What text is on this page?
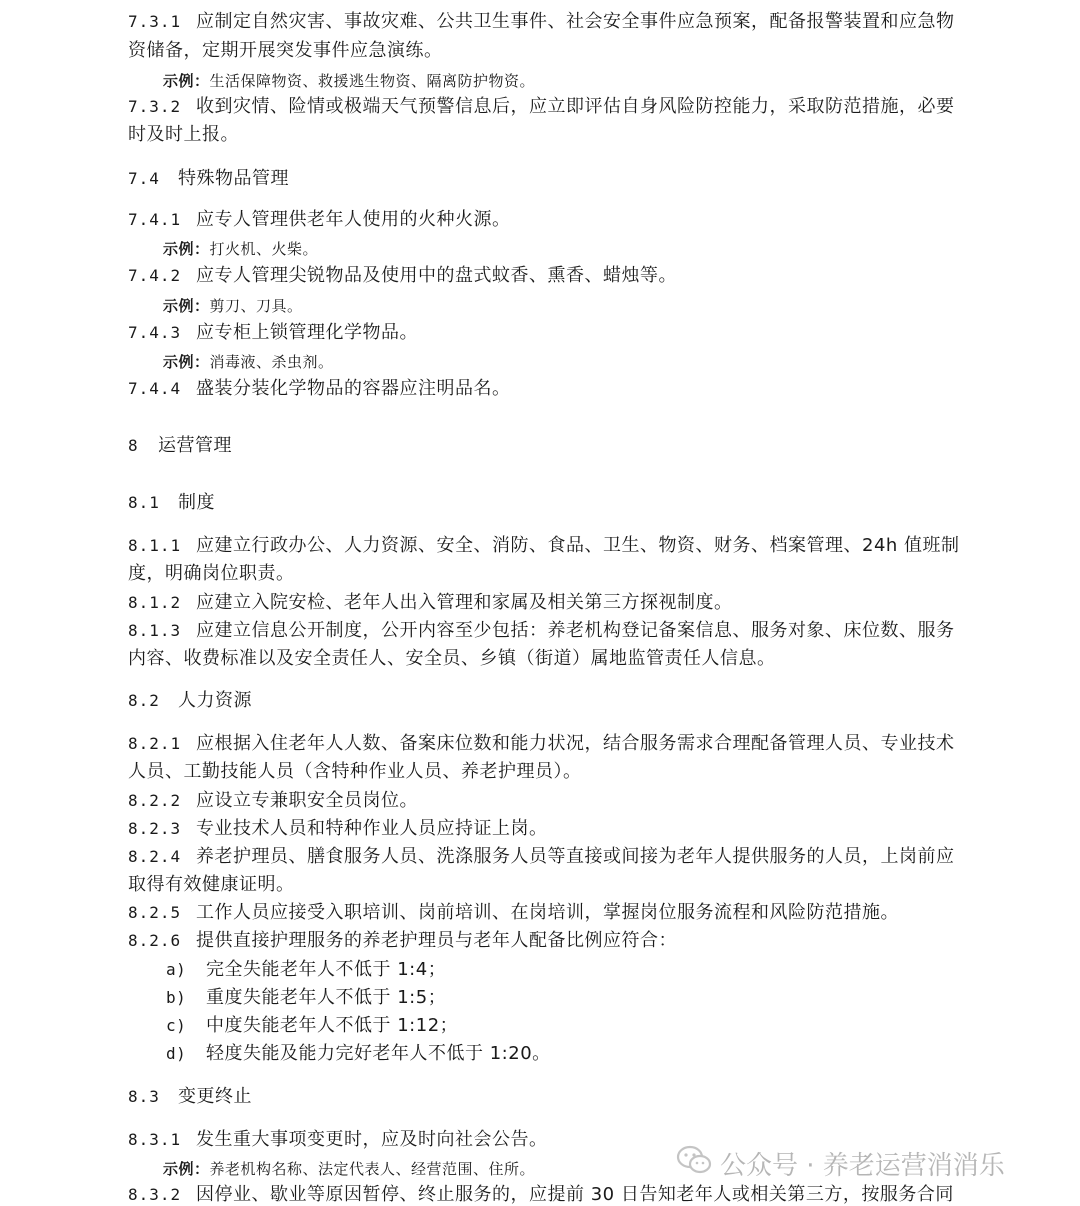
7.3.1 应制定自然灾害、事故灾难、公共卫生事件、社会安全事件应急预案，配备报警装置和应急物
资储备，定期开展突发事件应急演练。
示例：生活保障物资、救援逃生物资、隔离防护物资。
7.3.2 收到灾情、险情或极端天气预警信息后，应立即评估自身风险防控能力，采取防范措施，必要
时及时上报。
7.4 特殊物品管理
7.4.1 应专人管理供老年人使用的火种火源。
示例：打火机、火柴。
7.4.2 应专人管理尖锐物品及使用中的盘式蚊香、熏香、蜡烛等。
示例：剪刀、刀具。
7.4.3 应专柜上锁管理化学物品。
示例：消毒液、杀虫剂。
7.4.4 盛装分装化学物品的容器应注明品名。
8 运营管理
8.1 制度
8.1.1 应建立行政办公、人力资源、安全、消防、食品、卫生、物资、财务、档案管理、24h 值班制
度，明确岗位职责。
8.1.2 应建立入院安检、老年人出入管理和家属及相关第三方探视制度。
8.1.3 应建立信息公开制度，公开内容至少包括：养老机构登记备案信息、服务对象、床位数、服务
内容、收费标准以及安全责任人、安全员、乡镇（街道）属地监管责任人信息。
8.2 人力资源
8.2.1 应根据入住老年人人数、备案床位数和能力状况，结合服务需求合理配备管理人员、专业技术
人员、工勤技能人员（含特种作业人员、养老护理员）。
8.2.2 应设立专兼职安全员岗位。
8.2.3 专业技术人员和特种作业人员应持证上岗。
8.2.4 养老护理员、膳食服务人员、洗涤服务人员等直接或间接为老年人提供服务的人员，上岗前应
取得有效健康证明。
8.2.5 工作人员应接受入职培训、岗前培训、在岗培训，掌握岗位服务流程和风险防范措施。
8.2.6 提供直接护理服务的养老护理员与老年人配备比例应符合：
a) 完全失能老年人不低于 1:4；
b) 重度失能老年人不低于 1:5；
c) 中度失能老年人不低于 1:12；
d) 轻度失能及能力完好老年人不低于 1:20。
8.3 变更终止
8.3.1 发生重大事项变更时，应及时向社会公告。
示例：养老机构名称、法定代表人、经营范围、住所。
8.3.2 因停业、歇业等原因暂停、终止服务的，应提前 30 日告知老年人或相关第三方，按服务合同
公众号 · 养老运营消消乐
